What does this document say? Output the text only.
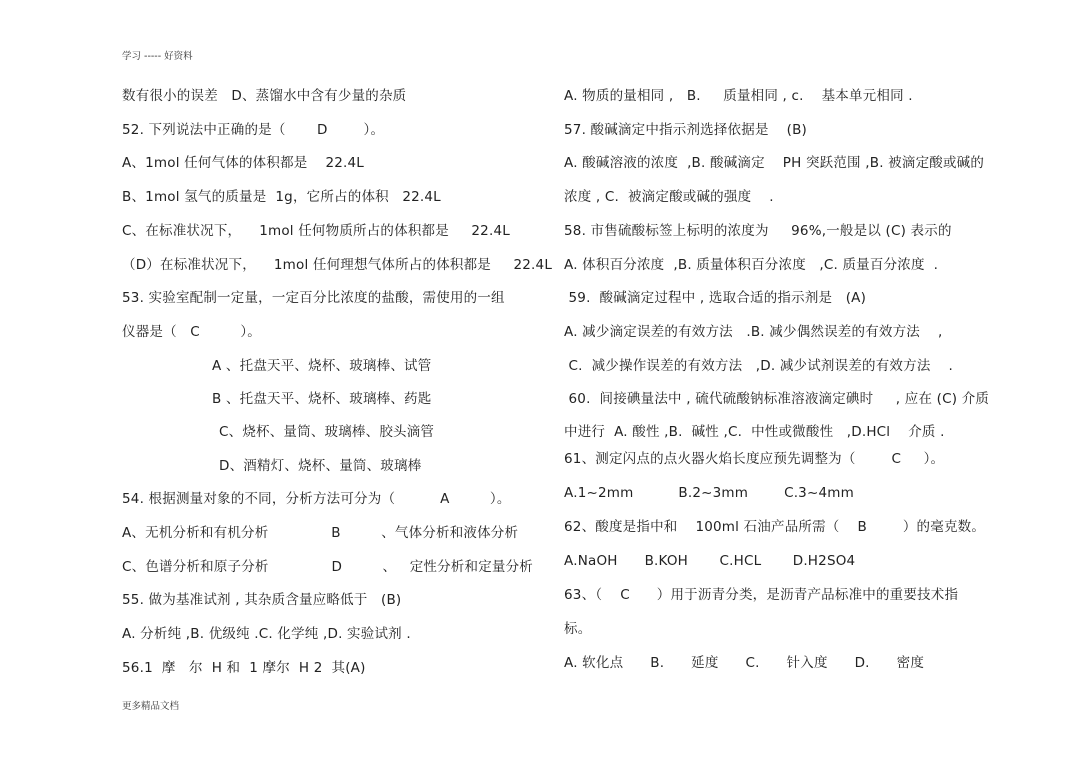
学习 ----- 好资料
数有很小的误差   D、蒸馏水中含有少量的杂质
52. 下列说法中正确的是（       D        ）。
A、1mol 任何气体的体积都是    22.4L
B、1mol 氢气的质量是  1g，它所占的体积   22.4L
C、在标准状况下，    1mol 任何物质所占的体积都是     22.4L
（D）在标准状况下，    1mol 任何理想气体所占的体积都是     22.4L
53. 实验室配制一定量，一定百分比浓度的盐酸，需使用的一组
仪器是（   C         ）。
A 、托盘天平、烧杯、玻璃棒、试管
B 、托盘天平、烧杯、玻璃棒、药匙
C、烧杯、量筒、玻璃棒、胶头滴管
D、酒精灯、烧杯、量筒、玻璃棒
54. 根据测量对象的不同，分析方法可分为（          A         ）。
A、无机分析和有机分析              B         、气体分析和液体分析
C、色谱分析和原子分析              D         、   定性分析和定量分析
55. 做为基准试剂 , 其杂质含量应略低于   (B)
A. 分析纯 ,B. 优级纯 .C. 化学纯 ,D. 实验试剂 .
56.1  摩   尔  H 和  1 摩尔  H 2  其(A)
A. 物质的量相同 ,   B.     质量相同 , c.    基本单元相同 .
57. 酸碱滴定中指示剂选择依据是    (B)
A. 酸碱溶液的浓度  ,B. 酸碱滴定    PH 突跃范围 ,B. 被滴定酸或碱的
浓度 , C.  被滴定酸或碱的强度    .
58. 市售硫酸标签上标明的浓度为     96%,一般是以 (C) 表示的
A. 体积百分浓度  ,B. 质量体积百分浓度   ,C. 质量百分浓度  .
59.  酸碱滴定过程中 , 选取合适的指示剂是   (A)
A. 减少滴定误差的有效方法   .B. 减少偶然误差的有效方法    ,
C.  减少操作误差的有效方法   ,D. 减少试剂误差的有效方法    .
60.  间接碘量法中 , 硫代硫酸钠标准溶液滴定碘时     , 应在 (C) 介质
中进行  A. 酸性 ,B.  碱性 ,C.  中性或微酸性   ,D.HCl    介质 .
61、测定闪点的点火器火焰长度应预先调整为（        C     ）。
A.1~2mm          B.2~3mm        C.3~4mm
62、酸度是指中和    100ml 石油产品所需（    B        ）的毫克数。
A.NaOH      B.KOH       C.HCL       D.H2SO4
63、（    C      ）用于沥青分类，是沥青产品标准中的重要技术指
标。
A. 软化点      B.      延度      C.      针入度      D.      密度
更多精品文档
